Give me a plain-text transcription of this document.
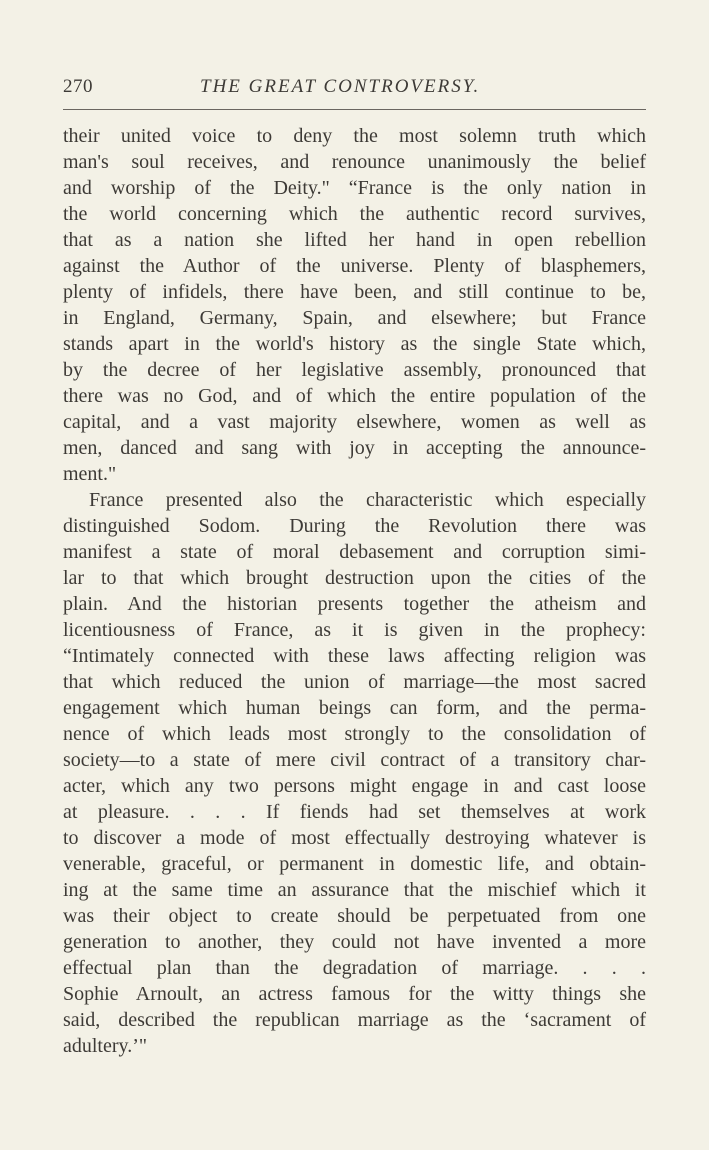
270	THE GREAT CONTROVERSY.
their united voice to deny the most solemn truth which
man's soul receives, and renounce unanimously the belief
and worship of the Deity." “France is the only nation in
the world concerning which the authentic record survives,
that as a nation she lifted her hand in open rebellion
against the Author of the universe. Plenty of blasphemers,
plenty of infidels, there have been, and still continue to be,
in England, Germany, Spain, and elsewhere; but France
stands apart in the world's history as the single State which,
by the decree of her legislative assembly, pronounced that
there was no God, and of which the entire population of the
capital, and a vast majority elsewhere, women as well as
men, danced and sang with joy in accepting the announce-
ment."
France presented also the characteristic which especially
distinguished Sodom. During the Revolution there was
manifest a state of moral debasement and corruption simi-
lar to that which brought destruction upon the cities of the
plain. And the historian presents together the atheism and
licentiousness of France, as it is given in the prophecy:
“Intimately connected with these laws affecting religion was
that which reduced the union of marriage—the most sacred
engagement which human beings can form, and the perma-
nence of which leads most strongly to the consolidation of
society—to a state of mere civil contract of a transitory char-
acter, which any two persons might engage in and cast loose
at pleasure. . . . If fiends had set themselves at work
to discover a mode of most effectually destroying whatever is
venerable, graceful, or permanent in domestic life, and obtain-
ing at the same time an assurance that the mischief which it
was their object to create should be perpetuated from one
generation to another, they could not have invented a more
effectual plan than the degradation of marriage. . . .
Sophie Arnoult, an actress famous for the witty things she
said, described the republican marriage as the ‘sacrament of
adultery.’"
